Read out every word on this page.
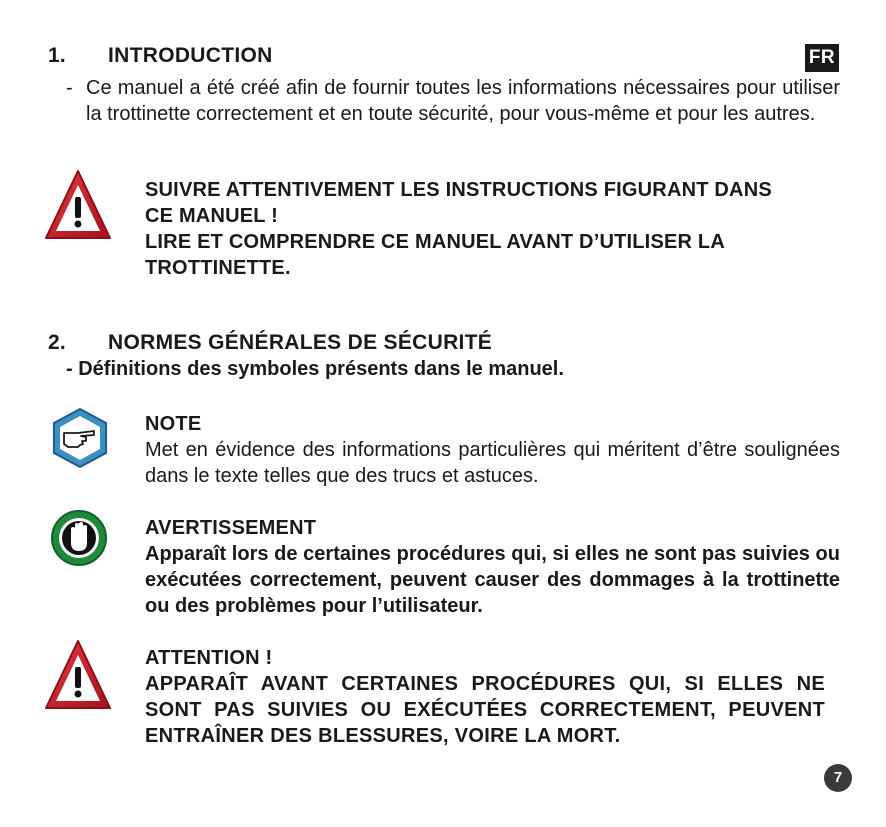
FR
1. INTRODUCTION
- Ce manuel a été créé afin de fournir toutes les informations nécessaires pour utiliser la trottinette correctement et en toute sécurité, pour vous-même et pour les autres.
SUIVRE ATTENTIVEMENT LES INSTRUCTIONS FIGURANT DANS
CE MANUEL !
LIRE ET COMPRENDRE CE MANUEL AVANT D’UTILISER LA
TROTTINETTE.
2. NORMES GÉNÉRALES DE SÉCURITÉ
- Définitions des symboles présents dans le manuel.
NOTE
Met en évidence des informations particulières qui méritent d’être soulignées dans le texte telles que des trucs et astuces.
AVERTISSEMENT
Apparaît lors de certaines procédures qui, si elles ne sont pas suivies ou exécutées correctement, peuvent causer des dommages à la trottinette ou des problèmes pour l’utilisateur.
ATTENTION !
APPARAÎT AVANT CERTAINES PROCÉDURES QUI, SI ELLES NE SONT PAS SUIVIES OU EXÉCUTÉES CORRECTEMENT, PEUVENT ENTRAÎNER DES BLESSURES, VOIRE LA MORT.
7
